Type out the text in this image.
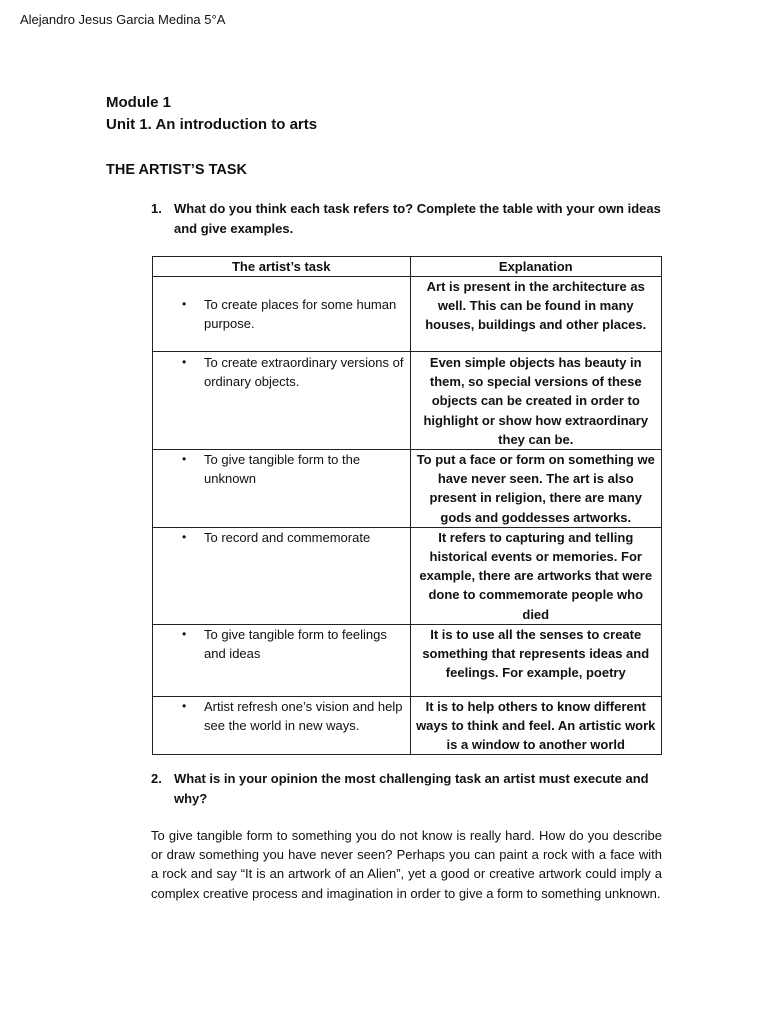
Alejandro Jesus Garcia Medina 5°A
Module 1
Unit 1. An introduction to arts
THE ARTIST’S TASK
1. What do you think each task refers to? Complete the table with your own ideas and give examples.
The artist’s task	Explanation

• To create places for some human purpose.	Art is present in the architecture as well. This can be found in many houses, buildings and other places.

• To create extraordinary versions of ordinary objects.	Even simple objects has beauty in them, so special versions of these objects can be created in order to highlight or show how extraordinary they can be.

• To give tangible form to the unknown	To put a face or form on something we have never seen. The art is also present in religion, there are many gods and goddesses artworks.

• To record and commemorate	It refers to capturing and telling historical events or memories. For example, there are artworks that were done to commemorate people who died

• To give tangible form to feelings and ideas	It is to use all the senses to create something that represents ideas and feelings. For example, poetry

• Artist refresh one’s vision and help see the world in new ways.	It is to help others to know different ways to think and feel. An artistic work is a window to another world
2. What is in your opinion the most challenging task an artist must execute and why?
To give tangible form to something you do not know is really hard. How do you describe or draw something you have never seen? Perhaps you can paint a rock with a face with a rock and say “It is an artwork of an Alien”, yet a good or creative artwork could imply a complex creative process and imagination in order to give a form to something unknown.
